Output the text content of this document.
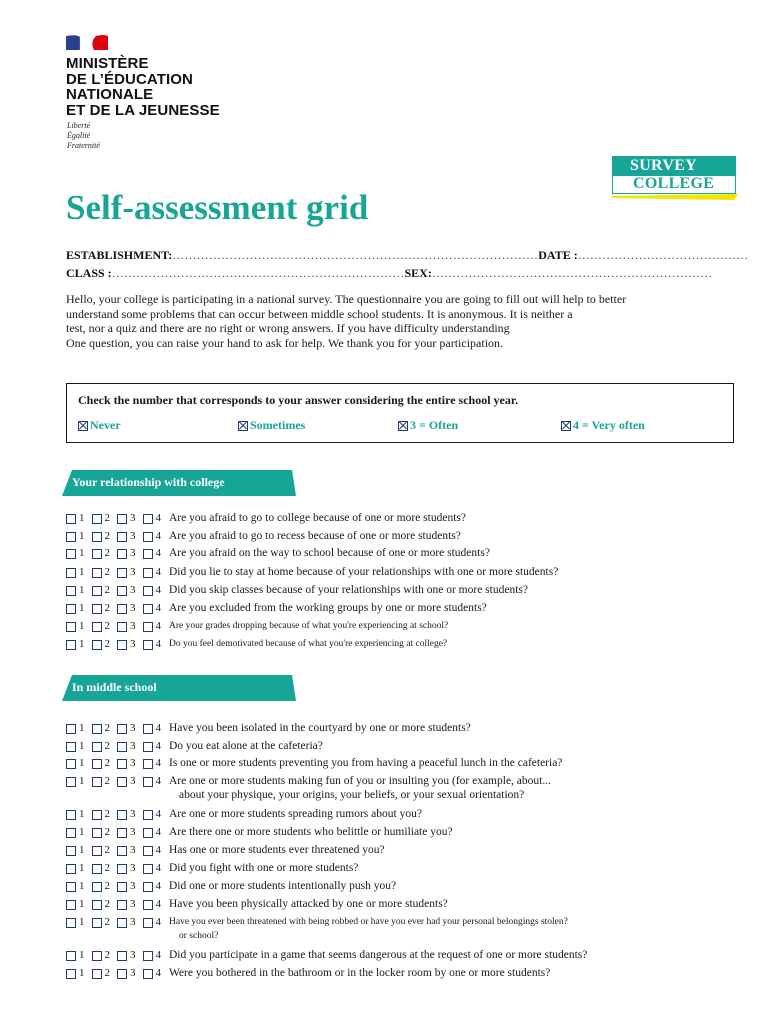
MINISTÈRE
DE L’ÉDUCATION
NATIONALE
ET DE LA JEUNESSE
Liberté
Égalité
Fraternité
SURVEY
COLLEGE
Self-assessment grid
ESTABLISHMENT:………………………………………………………………………………DATE :……………………………………
CLASS :………………………………………………………………SEX:……………………………………………………………
Hello, your college is participating in a national survey. The questionnaire you are going to fill out will help to better
understand some problems that can occur between middle school students. It is anonymous. It is neither a
test, nor a quiz and there are no right or wrong answers. If you have difficulty understanding
One question, you can raise your hand to ask for help. We thank you for your participation.
Check the number that corresponds to your answer considering the entire school year.
Never	Sometimes	3 = Often	4 = Very often
Your relationship with college
1 2 3 4 Are you afraid to go to college because of one or more students?
1 2 3 4 Are you afraid to go to recess because of one or more students?
1 2 3 4 Are you afraid on the way to school because of one or more students?
1 2 3 4 Did you lie to stay at home because of your relationships with one or more students?
1 2 3 4 Did you skip classes because of your relationships with one or more students?
1 2 3 4 Are you excluded from the working groups by one or more students?
1 2 3 4 Are your grades dropping because of what you're experiencing at school?
1 2 3 4 Do you feel demotivated because of what you're experiencing at college?
In middle school
1 2 3 4 Have you been isolated in the courtyard by one or more students?
1 2 3 4 Do you eat alone at the cafeteria?
1 2 3 4 Is one or more students preventing you from having a peaceful lunch in the cafeteria?
1 2 3 4 Are one or more students making fun of you or insulting you (for example, about...
about your physique, your origins, your beliefs, or your sexual orientation?
1 2 3 4 Are one or more students spreading rumors about you?
1 2 3 4 Are there one or more students who belittle or humiliate you?
1 2 3 4 Has one or more students ever threatened you?
1 2 3 4 Did you fight with one or more students?
1 2 3 4 Did one or more students intentionally push you?
1 2 3 4 Have you been physically attacked by one or more students?
1 2 3 4 Have you ever been threatened with being robbed or have you ever had your personal belongings stolen?
or school?
1 2 3 4 Did you participate in a game that seems dangerous at the request of one or more students?
1 2 3 4 Were you bothered in the bathroom or in the locker room by one or more students?
